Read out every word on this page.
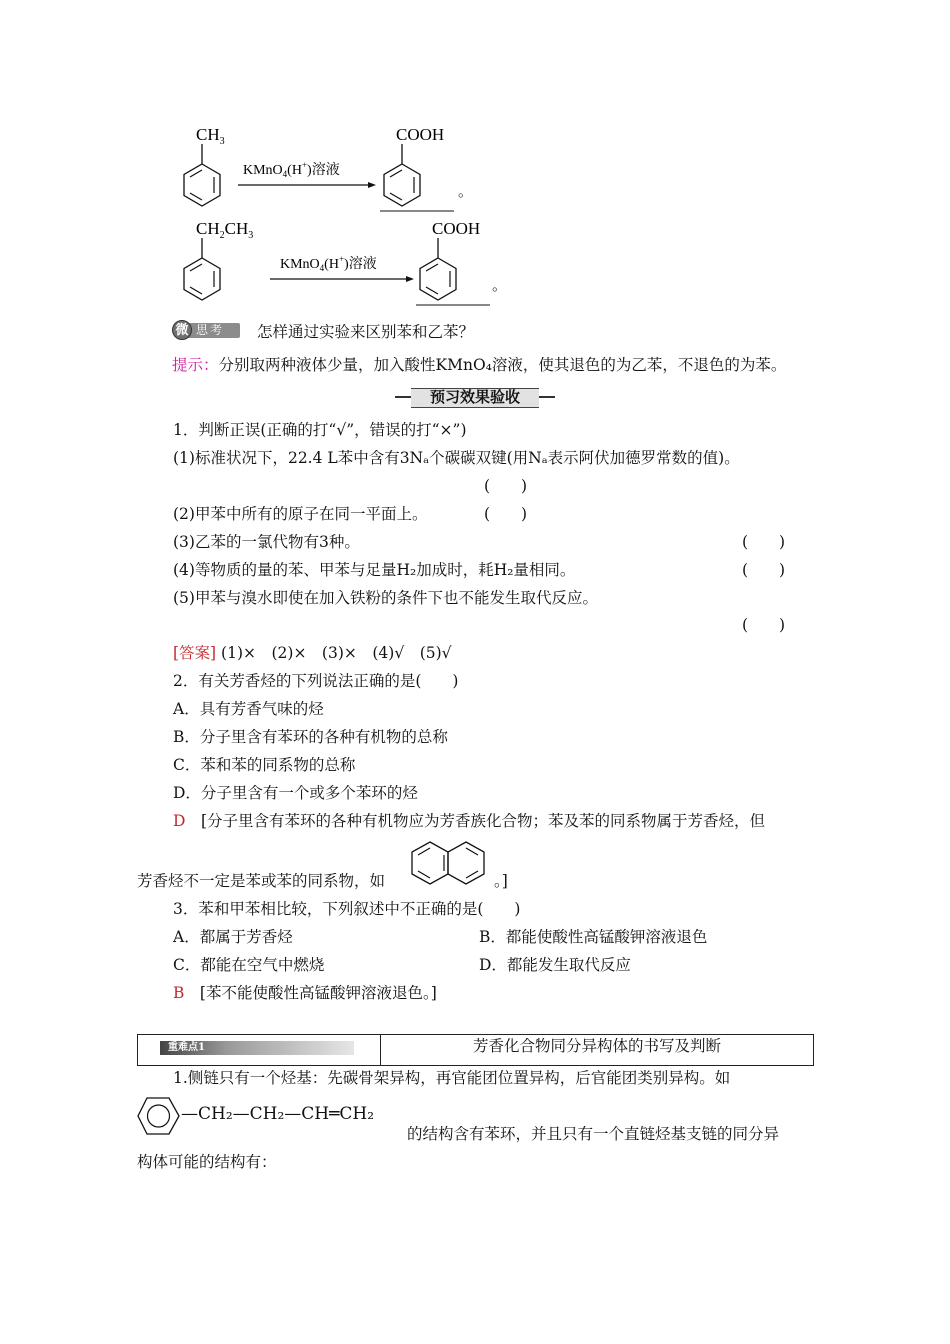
$CH_3$
KMnO$_4$(H+)溶液
COOH
。
$CH_2CH_3$
KMnO$_4$(H+)溶液
COOH
。
微 思考 怎样通过实验来区别苯和乙苯？
提示：分别取两种液体少量，加入酸性KMnO₄溶液，使其退色的为乙苯，不退色的为苯。
预习效果验收
1．判断正误(正确的打“√”，错误的打“×”)
(1)标准状况下，22.4 L苯中含有3Nₐ个碳碳双键(用Nₐ表示阿伏加德罗常数的值)。
(　　)
(2)甲苯中所有的原子在同一平面上。	(　　)
(3)乙苯的一氯代物有3种。	(　　)
(4)等物质的量的苯、甲苯与足量H₂加成时，耗H₂量相同。	(　　)
(5)甲苯与溴水即使在加入铁粉的条件下也不能发生取代反应。
(　　)
[答案] (1)×　(2)×　(3)×　(4)√　(5)√
2．有关芳香烃的下列说法正确的是(　　)
A．具有芳香气味的烃
B．分子里含有苯环的各种有机物的总称
C．苯和苯的同系物的总称
D．分子里含有一个或多个苯环的烃
D　 [分子里含有苯环的各种有机物应为芳香族化合物；苯及苯的同系物属于芳香烃，但
芳香烃不一定是苯或苯的同系物，如	。]
3．苯和甲苯相比较，下列叙述中不正确的是(　　)
A．都属于芳香烃	B．都能使酸性高锰酸钾溶液退色
C．都能在空气中燃烧	D．都能发生取代反应
B　 [苯不能使酸性高锰酸钾溶液退色。]
重难点1	芳香化合物同分异构体的书写及判断
1.侧链只有一个烃基：先碳骨架异构，再官能团位置异构，后官能团类别异构。如
—CH₂—CH₂—CH═CH₂
的结构含有苯环，并且只有一个直链烃基支链的同分异
构体可能的结构有：
